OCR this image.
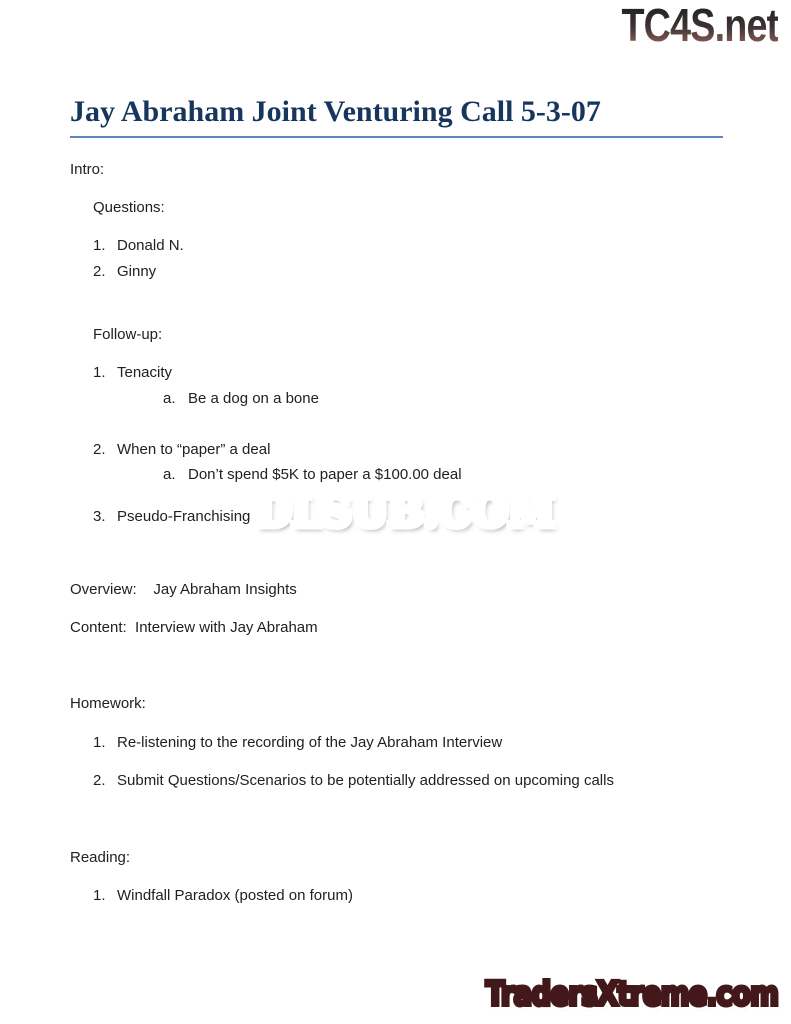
TC4S.net
Jay Abraham Joint Venturing Call 5-3-07
Intro:
Questions:
1. Donald N.
2. Ginny
Follow-up:
1. Tenacity
a. Be a dog on a bone
2. When to “paper” a deal
a. Don’t spend $5K to paper a $100.00 deal
3. Pseudo-Franchising DLSUB.COM DLSUB.COM
Overview:    Jay Abraham Insights
Content:  Interview with Jay Abraham
Homework:
1. Re-listening to the recording of the Jay Abraham Interview
2. Submit Questions/Scenarios to be potentially addressed on upcoming calls
Reading:
1. Windfall Paradox (posted on forum)
TradersXtreme.com TradersXtreme.com TradersXtreme.com
